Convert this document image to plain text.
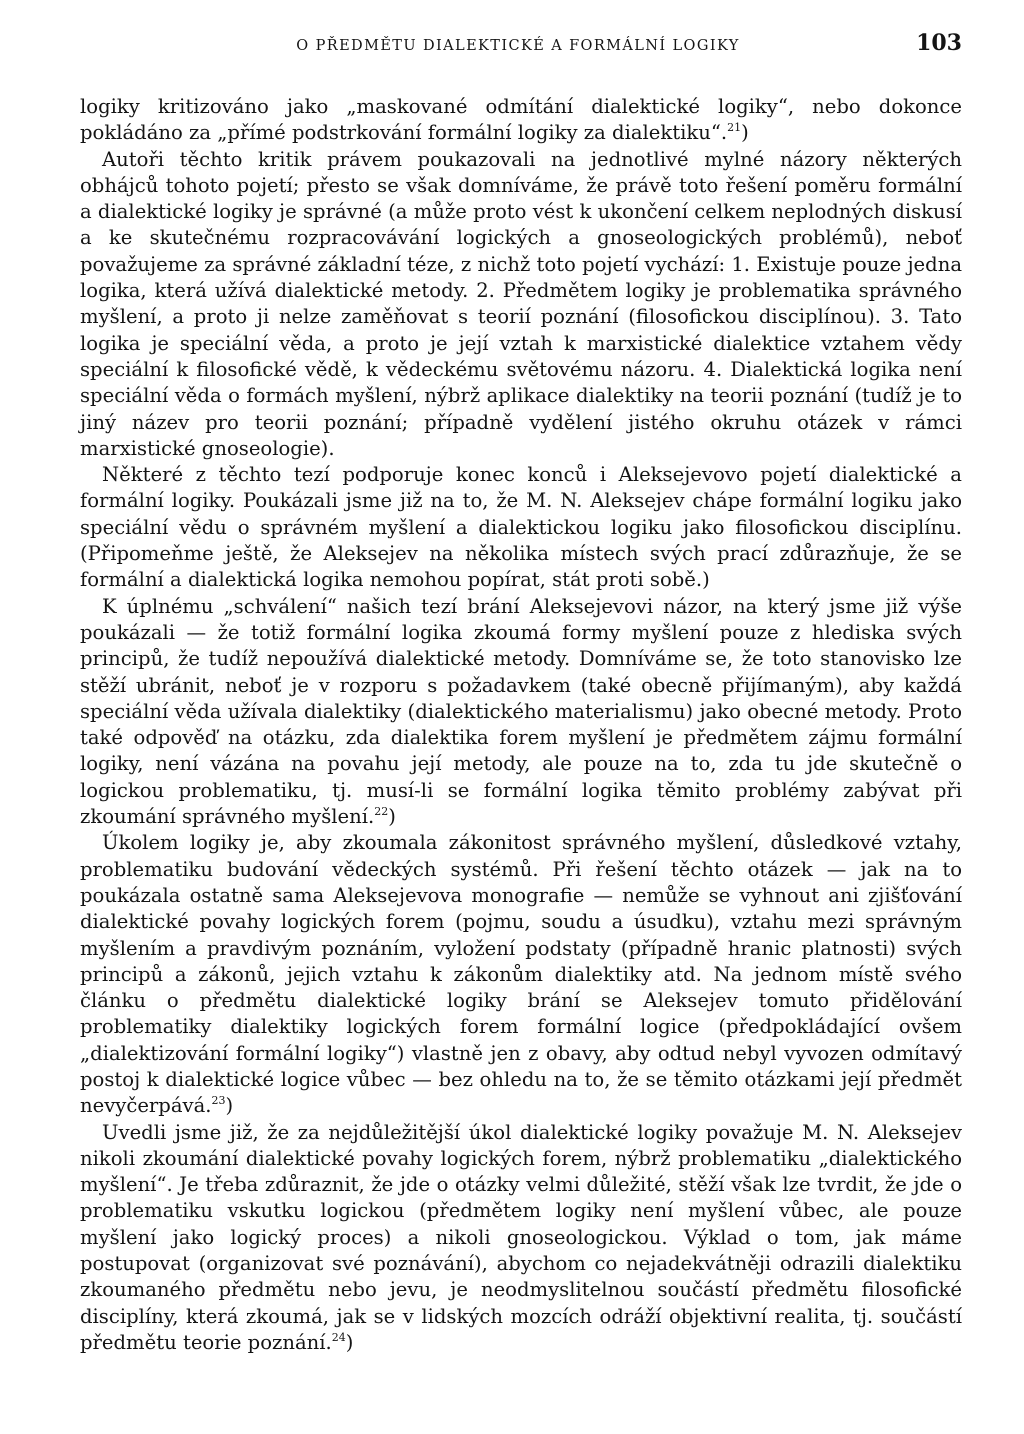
O PŘEDMĚTU DIALEKTICKÉ A FORMÁLNÍ LOGIKY	103

logiky kritizováno jako „maskované odmítání dialektické logiky“, nebo dokonce pokládáno za „přímé podstrkování formální logiky za dialektiku“.$^{21}$)

Autoři těchto kritik právem poukazovali na jednotlivé mylné názory některých obhájců tohoto pojetí; přesto se však domníváme, že právě toto řešení poměru formální a dialektické logiky je správné (a může proto vést k ukončení celkem neplodných diskusí a ke skutečnému rozpracovávání logických a gnoseologických problémů), neboť považujeme za správné základní téze, z nichž toto pojetí vychází: 1. Existuje pouze jedna logika, která užívá dialektické metody. 2. Předmětem logiky je problematika správného myšlení, a proto ji nelze zaměňovat s teorií poznání (filosofickou disciplínou). 3. Tato logika je speciální věda, a proto je její vztah k marxistické dialektice vztahem vědy speciální k filosofické vědě, k vědeckému světovému názoru. 4. Dialektická logika není speciální věda o formách myšlení, nýbrž aplikace dialektiky na teorii poznání (tudíž je to jiný název pro teorii poznání; případně vydělení jistého okruhu otázek v rámci marxistické gnoseologie).

Některé z těchto tezí podporuje konec konců i Aleksejevovo pojetí dialektické a formální logiky. Poukázali jsme již na to, že M. N. Aleksejev chápe formální logiku jako speciální vědu o správném myšlení a dialektickou logiku jako filosofickou disciplínu. (Připomeňme ještě, že Aleksejev na několika místech svých prací zdůrazňuje, že se formální a dialektická logika nemohou popírat, stát proti sobě.)

K úplnému „schválení“ našich tezí brání Aleksejevovi názor, na který jsme již výše poukázali — že totiž formální logika zkoumá formy myšlení pouze z hlediska svých principů, že tudíž nepoužívá dialektické metody. Domníváme se, že toto stanovisko lze stěží ubránit, neboť je v rozporu s požadavkem (také obecně přijímaným), aby každá speciální věda užívala dialektiky (dialektického materialismu) jako obecné metody. Proto také odpověď na otázku, zda dialektika forem myšlení je předmětem zájmu formální logiky, není vázána na povahu její metody, ale pouze na to, zda tu jde skutečně o logickou problematiku, tj. musí-li se formální logika těmito problémy zabývat při zkoumání správného myšlení.$^{22}$)

Úkolem logiky je, aby zkoumala zákonitost správného myšlení, důsledkové vztahy, problematiku budování vědeckých systémů. Při řešení těchto otázek — jak na to poukázala ostatně sama Aleksejevova monografie — nemůže se vyhnout ani zjišťování dialektické povahy logických forem (pojmu, soudu a úsudku), vztahu mezi správným myšlením a pravdivým poznáním, vyložení podstaty (případně hranic platnosti) svých principů a zákonů, jejich vztahu k zákonům dialektiky atd. Na jednom místě svého článku o předmětu dialektické logiky brání se Aleksejev tomuto přidělování problematiky dialektiky logických forem formální logice (předpokládající ovšem „dialektizování formální logiky“) vlastně jen z obavy, aby odtud nebyl vyvozen odmítavý postoj k dialektické logice vůbec — bez ohledu na to, že se těmito otázkami její předmět nevyčerpává.$^{23}$)

Uvedli jsme již, že za nejdůležitější úkol dialektické logiky považuje M. N. Aleksejev nikoli zkoumání dialektické povahy logických forem, nýbrž problematiku „dialektického myšlení“. Je třeba zdůraznit, že jde o otázky velmi důležité, stěží však lze tvrdit, že jde o problematiku vskutku logickou (předmětem logiky není myšlení vůbec, ale pouze myšlení jako logický proces) a nikoli gnoseologickou. Výklad o tom, jak máme postupovat (organizovat své poznávání), abychom co nejadekvátněji odrazili dialektiku zkoumaného předmětu nebo jevu, je neodmyslitelnou součástí předmětu filosofické disciplíny, která zkoumá, jak se v lidských mozcích odráží objektivní realita, tj. součástí předmětu teorie poznání.$^{24}$)
